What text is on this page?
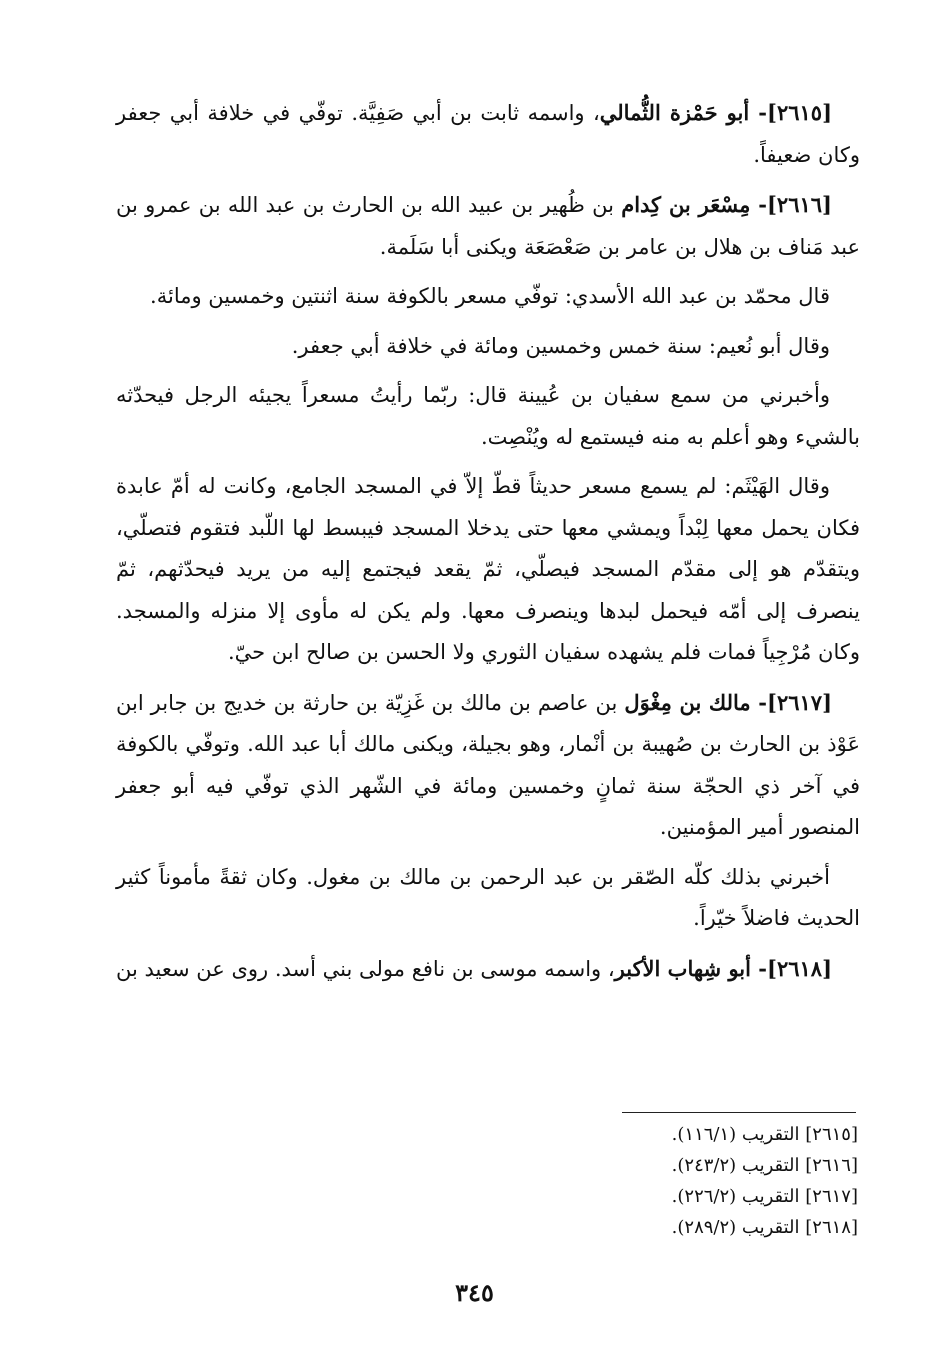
[٢٦١٥]- أبو حَمْزة الثُّمالي، واسمه ثابت بن أبي صَفِيَّة. توفّي في خلافة أبي جعفر وكان ضعيفاً.

[٢٦١٦]- مِسْعَر بن كِدام بن ظُهير بن عبيد الله بن الحارث بن عبد الله بن عمرو بن عبد مَناف بن هلال بن عامر بن صَعْصَعَة ويكنى أبا سَلَمة.

قال محمّد بن عبد الله الأسدي: توفّي مسعر بالكوفة سنة اثنتين وخمسين ومائة.

وقال أبو نُعيم: سنة خمس وخمسين ومائة في خلافة أبي جعفر.

وأخبرني من سمع سفيان بن عُيينة قال: ربّما رأيتُ مسعراً يجيئه الرجل فيحدّثه بالشيء وهو أعلم به منه فيستمع له ويُنْصِت.

وقال الهَيْثَم: لم يسمع مسعر حديثاً قطّ إلاّ في المسجد الجامع، وكانت له أمّ عابدة فكان يحمل معها لِبْداً ويمشي معها حتى يدخلا المسجد فيبسط لها اللّبد فتقوم فتصلّي، ويتقدّم هو إلى مقدّم المسجد فيصلّي، ثمّ يقعد فيجتمع إليه من يريد فيحدّثهم، ثمّ ينصرف إلى أمّه فيحمل لبدها وينصرف معها. ولم يكن له مأوى إلا منزله والمسجد. وكان مُرْجِياً فمات فلم يشهده سفيان الثوري ولا الحسن بن صالح ابن حيّ.

[٢٦١٧]- مالك بن مِغْوَل بن عاصم بن مالك بن غَزِيّة بن حارثة بن خديج بن جابر ابن عَوْذ بن الحارث بن صُهيبة بن أنْمار، وهو بجيلة، ويكنى مالك أبا عبد الله. وتوفّي بالكوفة في آخر ذي الحجّة سنة ثمانٍ وخمسين ومائة في الشّهر الذي توفّي فيه أبو جعفر المنصور أمير المؤمنين.

أخبرني بذلك كلّه الصّقر بن عبد الرحمن بن مالك بن مغول. وكان ثقةً مأموناً كثير الحديث فاضلاً خيّراً.

[٢٦١٨]- أبو شِهاب الأكبر، واسمه موسى بن نافع مولى بني أسد. روى عن سعيد بن

[٢٦١٥] التقريب (١١٦/١).
[٢٦١٦] التقريب (٢٤٣/٢).
[٢٦١٧] التقريب (٢٢٦/٢).
[٢٦١٨] التقريب (٢٨٩/٢).
٣٤٥
